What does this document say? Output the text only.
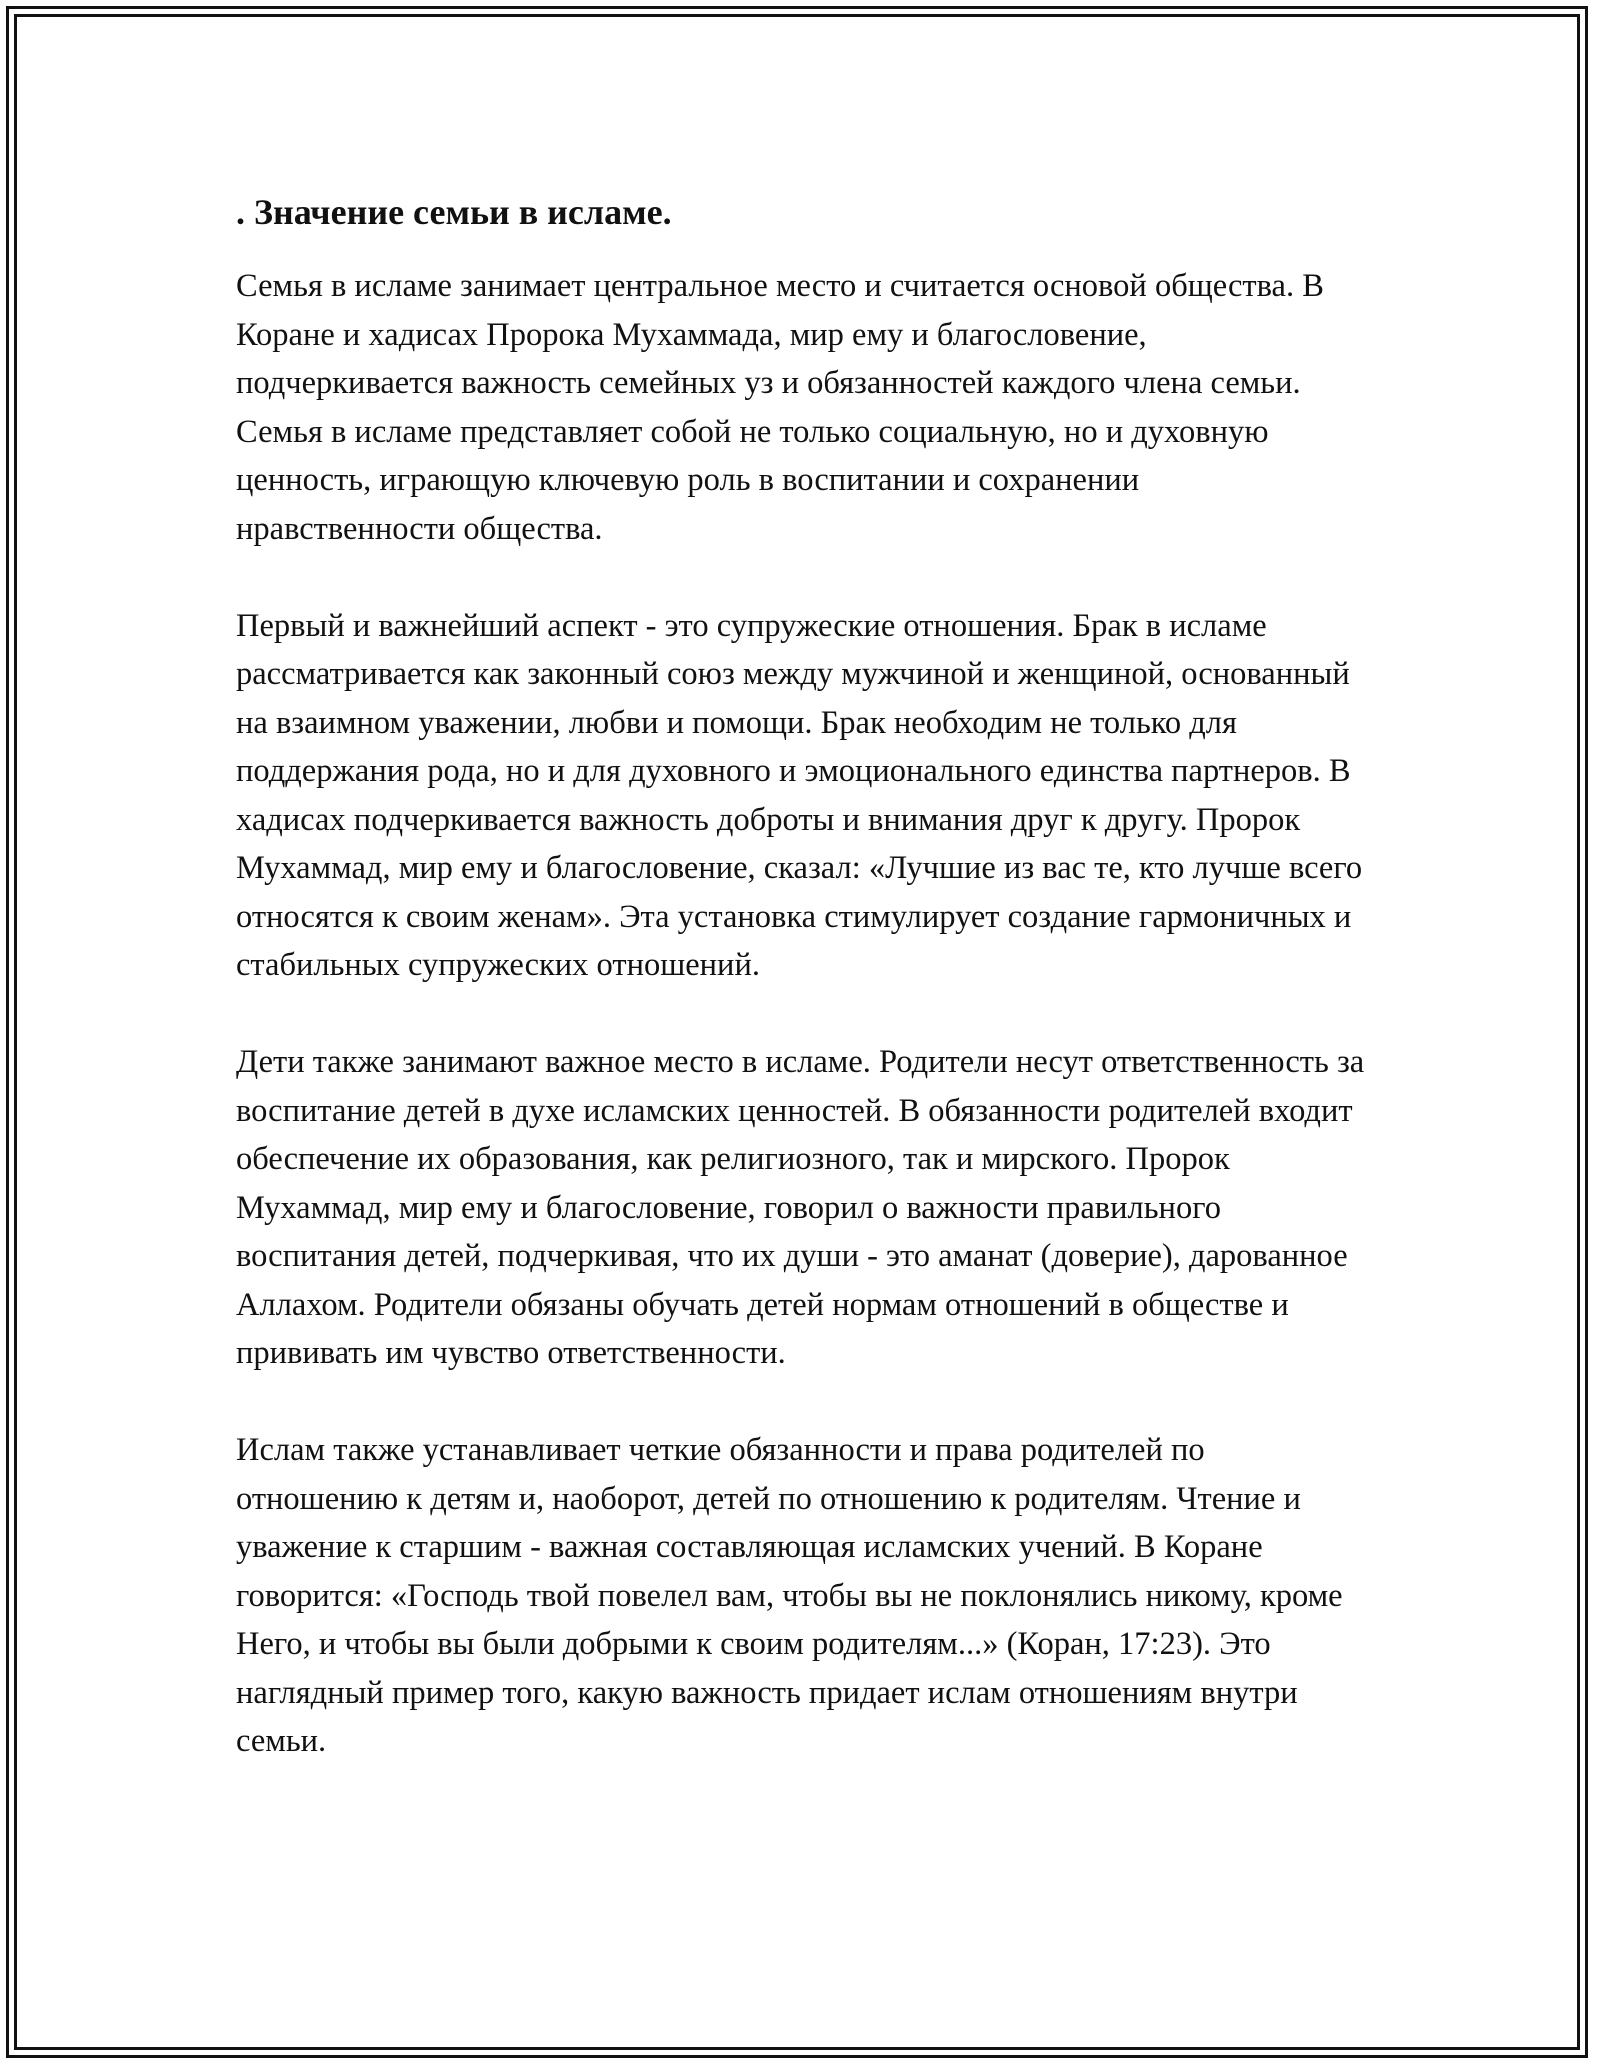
. Значение семьи в исламе.

Семья в исламе занимает центральное место и считается основой общества. В Коране и хадисах Пророка Мухаммада, мир ему и благословение, подчеркивается важность семейных уз и обязанностей каждого члена семьи. Семья в исламе представляет собой не только социальную, но и духовную ценность, играющую ключевую роль в воспитании и сохранении нравственности общества.

Первый и важнейший аспект - это супружеские отношения. Брак в исламе рассматривается как законный союз между мужчиной и женщиной, основанный на взаимном уважении, любви и помощи. Брак необходим не только для поддержания рода, но и для духовного и эмоционального единства партнеров. В хадисах подчеркивается важность доброты и внимания друг к другу. Пророк Мухаммад, мир ему и благословение, сказал: «Лучшие из вас те, кто лучше всего относятся к своим женам». Эта установка стимулирует создание гармоничных и стабильных супружеских отношений.

Дети также занимают важное место в исламе. Родители несут ответственность за воспитание детей в духе исламских ценностей. В обязанности родителей входит обеспечение их образования, как религиозного, так и мирского. Пророк Мухаммад, мир ему и благословение, говорил о важности правильного воспитания детей, подчеркивая, что их души - это аманат (доверие), дарованное Аллахом. Родители обязаны обучать детей нормам отношений в обществе и прививать им чувство ответственности.

Ислам также устанавливает четкие обязанности и права родителей по отношению к детям и, наоборот, детей по отношению к родителям. Чтение и уважение к старшим - важная составляющая исламских учений. В Коране говорится: «Господь твой повелел вам, чтобы вы не поклонялись никому, кроме Него, и чтобы вы были добрыми к своим родителям...» (Коран, 17:23). Это наглядный пример того, какую важность придает ислам отношениям внутри семьи.
